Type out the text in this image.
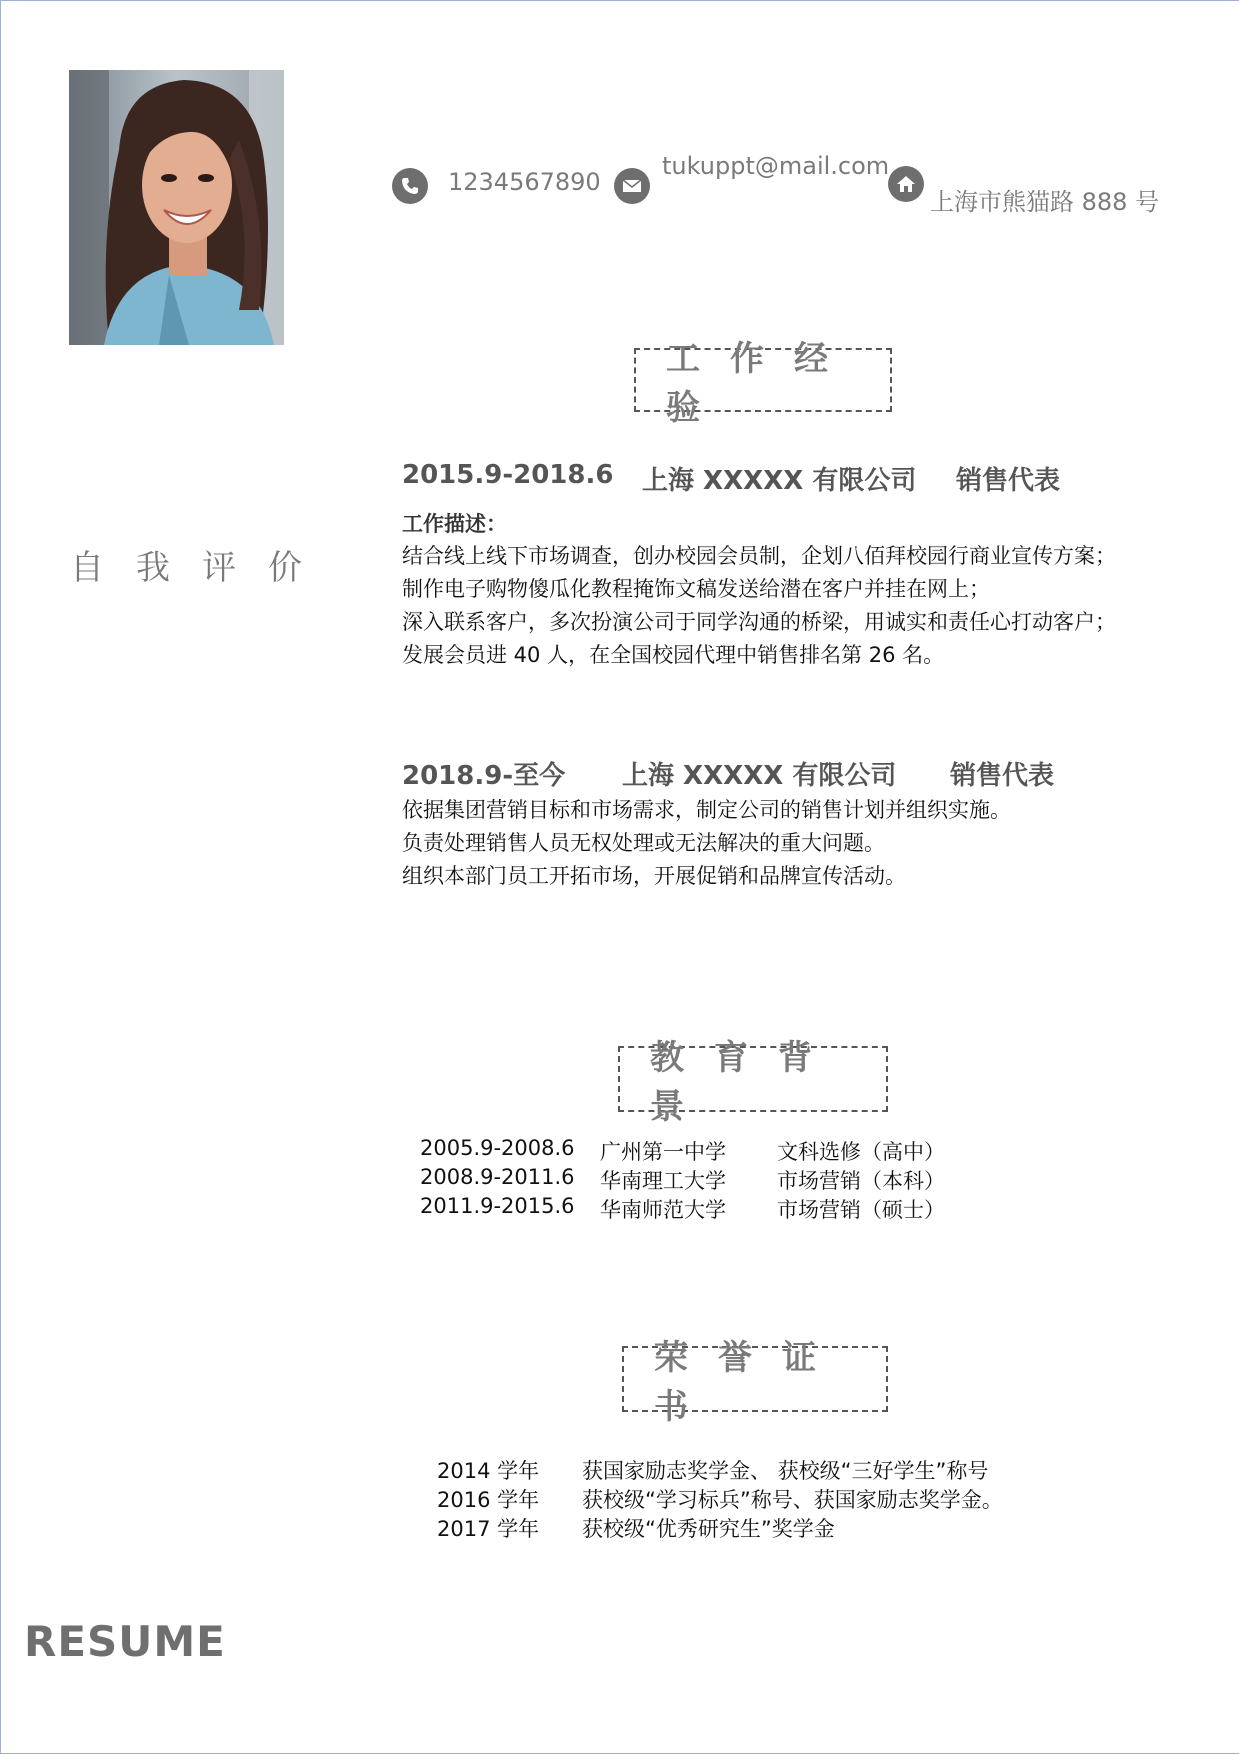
1234567890
tukuppt@mail.com
上海市熊猫路 888 号
工作经验
自我评价
2015.9-2018.6 上海 XXXXX 有限公司 销售代表
工作描述：
结合线上线下市场调查，创办校园会员制，企划八佰拜校园行商业宣传方案；
制作电子购物傻瓜化教程掩饰文稿发送给潜在客户并挂在网上；
深入联系客户，多次扮演公司于同学沟通的桥梁，用诚实和责任心打动客户；
发展会员进 40 人，在全国校园代理中销售排名第 26 名。
2018.9-至今 上海 XXXXX 有限公司 销售代表
依据集团营销目标和市场需求，制定公司的销售计划并组织实施。
负责处理销售人员无权处理或无法解决的重大问题。
组织本部门员工开拓市场，开展促销和品牌宣传活动。
教育背景
2005.9-2008.6 广州第一中学 文科选修（高中）
2008.9-2011.6 华南理工大学 市场营销（本科）
2011.9-2015.6 华南师范大学 市场营销（硕士）
荣誉证书
2014 学年 获国家励志奖学金、 获校级“三好学生”称号
2016 学年 获校级“学习标兵”称号、获国家励志奖学金。
2017 学年 获校级“优秀研究生”奖学金
RESUME
